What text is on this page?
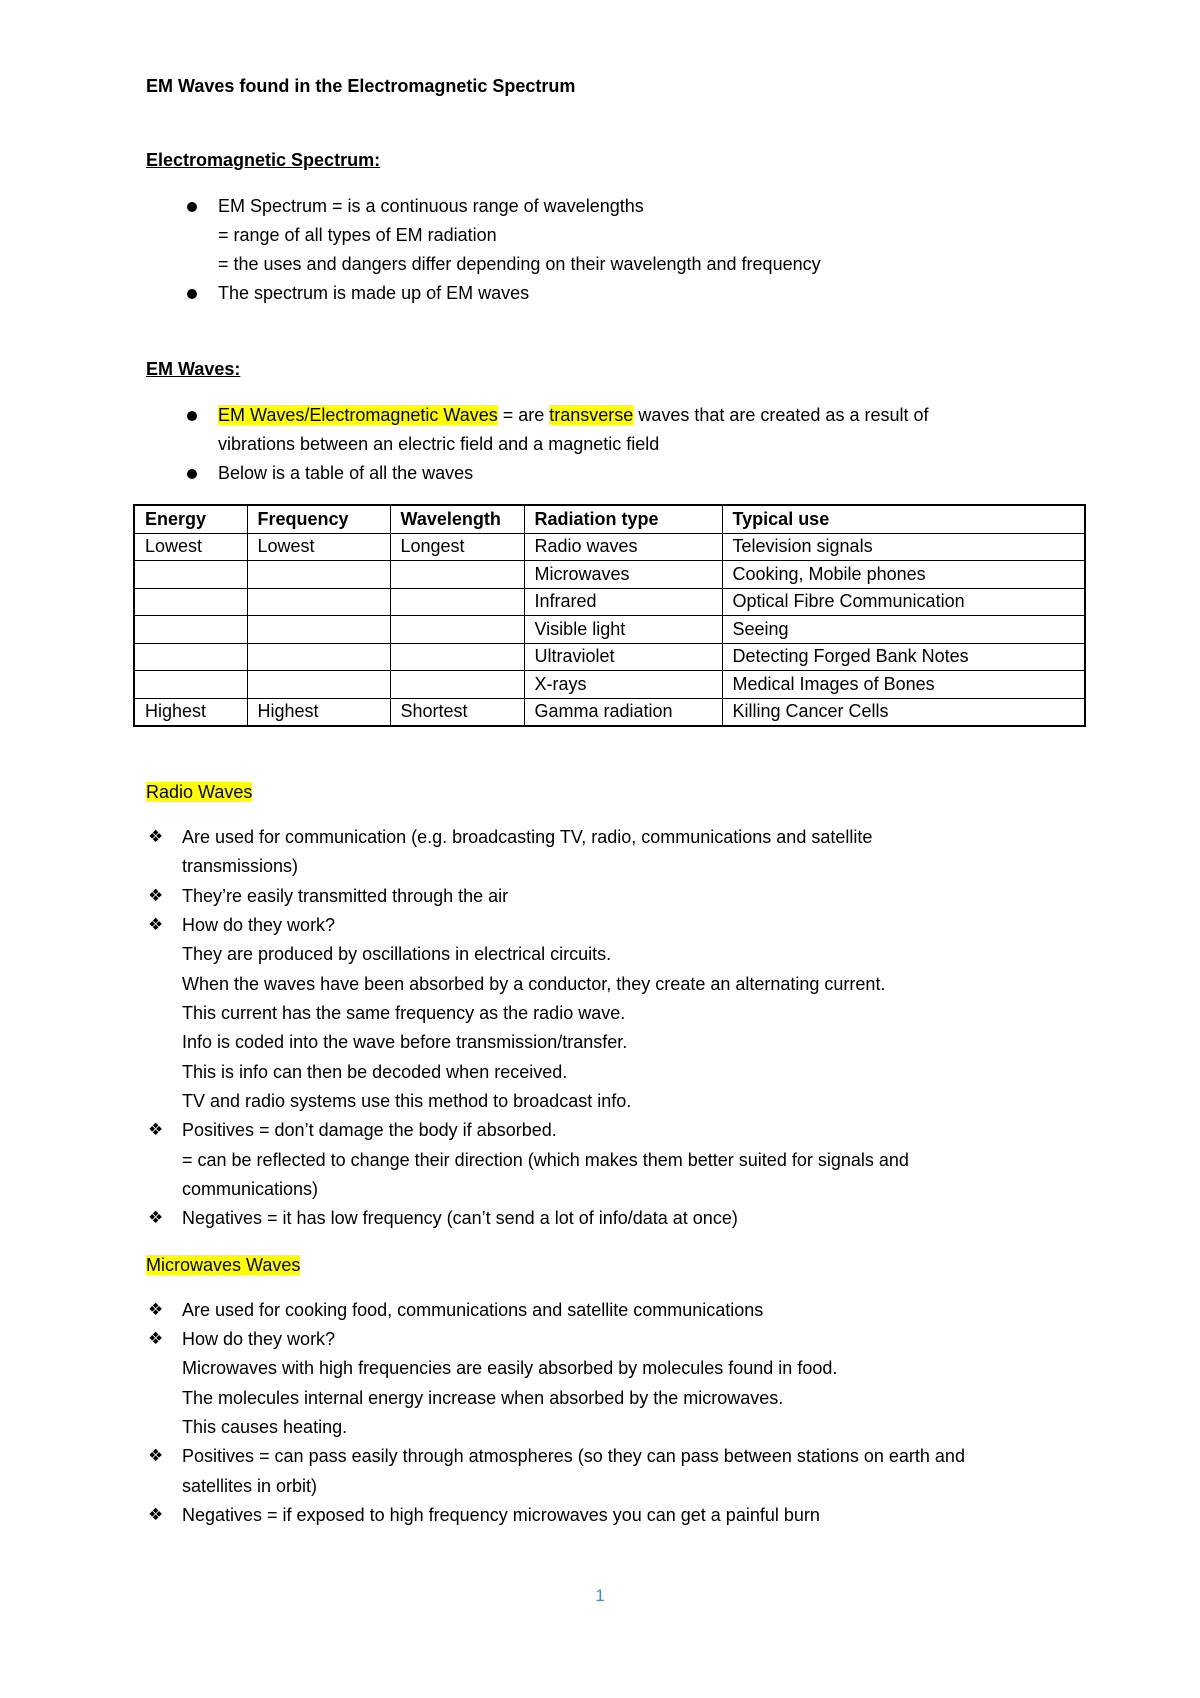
EM Waves found in the Electromagnetic Spectrum
Electromagnetic Spectrum:
EM Spectrum = is a continuous range of wavelengths
= range of all types of EM radiation
= the uses and dangers differ depending on their wavelength and frequency
The spectrum is made up of EM waves
EM Waves:
EM Waves/Electromagnetic Waves = are transverse waves that are created as a result of
vibrations between an electric field and a magnetic field
Below is a table of all the waves
Energy	Frequency	Wavelength	Radiation type	Typical use
Lowest	Lowest	Longest	Radio waves	Television signals
			Microwaves	Cooking, Mobile phones
			Infrared	Optical Fibre Communication
			Visible light	Seeing
			Ultraviolet	Detecting Forged Bank Notes
			X-rays	Medical Images of Bones
Highest	Highest	Shortest	Gamma radiation	Killing Cancer Cells
Radio Waves
❖ Are used for communication (e.g. broadcasting TV, radio, communications and satellite
transmissions)
❖ They’re easily transmitted through the air
❖ How do they work?
They are produced by oscillations in electrical circuits.
When the waves have been absorbed by a conductor, they create an alternating current.
This current has the same frequency as the radio wave.
Info is coded into the wave before transmission/transfer.
This is info can then be decoded when received.
TV and radio systems use this method to broadcast info.
❖ Positives = don’t damage the body if absorbed.
= can be reflected to change their direction (which makes them better suited for signals and
communications)
❖ Negatives = it has low frequency (can’t send a lot of info/data at once)
Microwaves Waves
❖ Are used for cooking food, communications and satellite communications
❖ How do they work?
Microwaves with high frequencies are easily absorbed by molecules found in food.
The molecules internal energy increase when absorbed by the microwaves.
This causes heating.
❖ Positives = can pass easily through atmospheres (so they can pass between stations on earth and
satellites in orbit)
❖ Negatives = if exposed to high frequency microwaves you can get a painful burn
1
